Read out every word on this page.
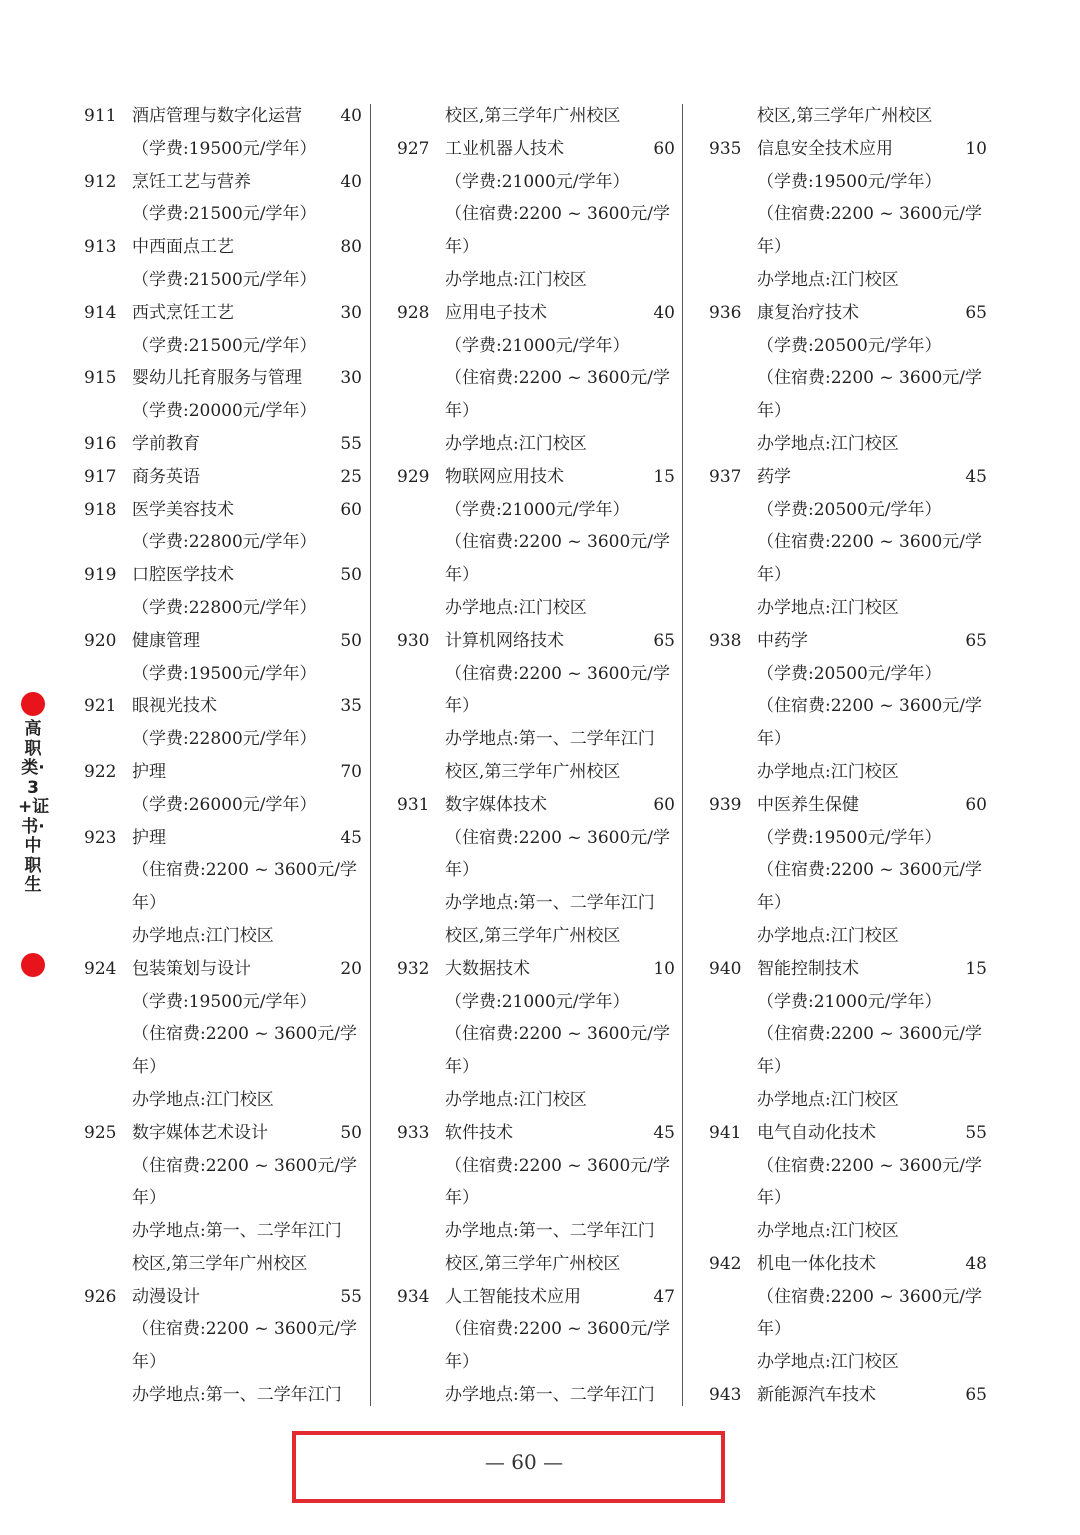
911 酒店管理与数字化运营 40
（学费:19500元/学年）
912 烹饪工艺与营养	40
（学费:21500元/学年）
913 中西面点工艺	80
（学费:21500元/学年）
914 西式烹饪工艺	30
（学费:21500元/学年）
915 婴幼儿托育服务与管理 30
（学费:20000元/学年）
916 学前教育	55
917 商务英语	25
918 医学美容技术	60
（学费:22800元/学年）
919 口腔医学技术	50
（学费:22800元/学年）
920 健康管理	50
（学费:19500元/学年）
921 眼视光技术	35
（学费:22800元/学年）
922 护理	70
（学费:26000元/学年）
923 护理	45
（住宿费:2200 ~ 3600元/学
年）
办学地点:江门校区
924 包装策划与设计	20
（学费:19500元/学年）
（住宿费:2200 ~ 3600元/学
年）
办学地点:江门校区
925 数字媒体艺术设计	50
（住宿费:2200 ~ 3600元/学
年）
办学地点:第一、二学年江门
校区,第三学年广州校区
926 动漫设计	55
（住宿费:2200 ~ 3600元/学
年）
办学地点:第一、二学年江门
校区,第三学年广州校区
927 工业机器人技术	60
（学费:21000元/学年）
（住宿费:2200 ~ 3600元/学
年）
办学地点:江门校区
928 应用电子技术	40
（学费:21000元/学年）
（住宿费:2200 ~ 3600元/学
年）
办学地点:江门校区
929 物联网应用技术	15
（学费:21000元/学年）
（住宿费:2200 ~ 3600元/学
年）
办学地点:江门校区
930 计算机网络技术	65
（住宿费:2200 ~ 3600元/学
年）
办学地点:第一、二学年江门
校区,第三学年广州校区
931 数字媒体技术	60
（住宿费:2200 ~ 3600元/学
年）
办学地点:第一、二学年江门
校区,第三学年广州校区
932 大数据技术	10
（学费:21000元/学年）
（住宿费:2200 ~ 3600元/学
年）
办学地点:江门校区
933 软件技术	45
（住宿费:2200 ~ 3600元/学
年）
办学地点:第一、二学年江门
校区,第三学年广州校区
934 人工智能技术应用	47
（住宿费:2200 ~ 3600元/学
年）
办学地点:第一、二学年江门
校区,第三学年广州校区
935 信息安全技术应用	10
（学费:19500元/学年）
（住宿费:2200 ~ 3600元/学
年）
办学地点:江门校区
936 康复治疗技术	65
（学费:20500元/学年）
（住宿费:2200 ~ 3600元/学
年）
办学地点:江门校区
937 药学	45
（学费:20500元/学年）
（住宿费:2200 ~ 3600元/学
年）
办学地点:江门校区
938 中药学	65
（学费:20500元/学年）
（住宿费:2200 ~ 3600元/学
年）
办学地点:江门校区
939 中医养生保健	60
（学费:19500元/学年）
（住宿费:2200 ~ 3600元/学
年）
办学地点:江门校区
940 智能控制技术	15
（学费:21000元/学年）
（住宿费:2200 ~ 3600元/学
年）
办学地点:江门校区
941 电气自动化技术	55
（住宿费:2200 ~ 3600元/学
年）
办学地点:江门校区
942 机电一体化技术	48
（住宿费:2200 ~ 3600元/学
年）
办学地点:江门校区
943 新能源汽车技术	65
高职类·3+证书·中职生
— 60 —
